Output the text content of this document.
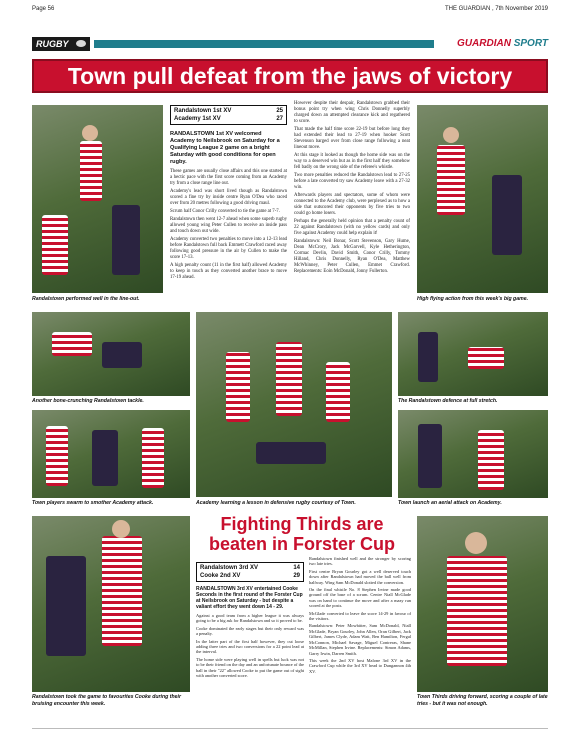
Page 56	THE GUARDIAN , 7th November 2019
RUGBY	GUARDIAN SPORT
Town pull defeat from the jaws of victory
Randalstown performed well in the line-out.
Randalstown 1st XV	25
Academy 1st XV	27
RANDALSTOWN 1st XV welcomed Academy to Neilsbrook on Saturday for a Qualifying League 2 game on a bright Saturday with good conditions for open rugby.

These games are usually close affairs and this one started at a hectic pace with the first score coming from an Academy try from a close range line out.

Academy's lead was short lived though as Randalstown scored a fine try by inside centre Ryan O'Dea who raced over from 20 metres following a good driving maul.

Scrum half Conor Crilly converted to tie the game at 7-7.

Randalstown then went 12-7 ahead when some superb rugby allowed young wing Peter Cullen to receive an inside pass and touch down out wide.

Academy converted two penalties to move into a 12-13 lead before Randalstown full back Emmett Crawford raced away following good pressure in the air by Cullen to make the score 17-13.

A high penalty count (11 in the first half) allowed Academy to keep in touch as they converted another brace to move 17-19 ahead.

However despite their despair, Randalstown grabbed their bonus point try when wing Chris Donnelly superbly charged down an attempted clearance kick and regathered to score.

That made the half time score 22-19 but before long they had extended their lead to 27-19 when hooker Scott Stevenson barged over from close range following a neat lineout move.

At this stage it looked as though the home side was on the way to a deserved win but as in the first half they somehow fell badly on the wrong side of the referee's whistle.

Two more penalties reduced the Randalstown lead to 27-25 before a late converted try saw Academy leave with a 27-32 win.

Afterwards players and spectators, some of whom were connected to the Academy club, were perplexed as to how a side that outscored their opponents by five tries to two could go home losers.

Perhaps the generally held opinion that a penalty count of 22 against Randalstown (with no yellow cards) and only five against Academy could help explain it!

Randalstown: Neil Bonar, Scott Stevenson, Gary Hume, Dean McCrory, Jack McGarvell, Kyle Hetherington, Cormac Devlin, David Smith, Conor Crilly, Tommy Hilland, Chris Donnelly, Ryan O'Dea, Matthew McWhinney, Peter Cullen, Emmet Crawford. Replacements: Eoin McDonald, Jonny Fullerton.

High flying action from this week's big game.
Another bone-crunching Randalstown tackle.
Academy learning a lesson in defensive rugby courtesy of Town.
The Randalstown defence at full stretch.
Town players swarm to smother Academy attack.	Town launch an aerial attack on Academy.
Randalstown took the game to favourites Cooke during their bruising encounter this week.
Fighting Thirds are
beaten in Forster Cup
Randalstown 3rd XV	14
Cooke 2nd XV	29
RANDALSTOWN 3rd XV entertained Cooke Seconds in the first round of the Forster Cup at Neilsbrook on Saturday - but despite a valiant effort they went down 14 - 29.

Against a good team from a higher league it was always going to be a big ask for Randalstown and so it proved to be.

Cooke dominated the early stages but their only reward was a penalty.

In the latter part of the first half however, they cut loose adding three tries and two conversions for a 22 point lead at the interval.

The home side were playing well in spells but luck was not to be their friend on the day and an unfortunate bounce of the ball in their "22" allowed Cooke to put the game out of sight with another converted score.

Randalstown finished well and the stronger by scoring two late tries.

First centre Bryan Gourley got a well deserved touch down after Randalstown had moved the ball well from halfway. Wing Sam McDonald slotted the conversion.

On the final whistle No. 8 Stephen Irvine made good ground off the base of a scrum. Centre Niall McGlade was on hand to continue the move and after a mazy run scored at the posts.

McGlade converted to leave the score 14-29 in favour of the visitors.

Randalstown: Peter Mowbitter, Sam McDonald, Niall McGlade, Bryan Gourley, John Allen, Oran Gilbert, Jack Gilbert, James Clyde, Adam Watt, Ben Hamilton, Fergal McConnon, Michael Savage, Miguel Contreras, Shane McMillan, Stephen Irvine. Replacements: Simon Adams, Garry Irwin, Darren Smith.

This week the 2nd XV host Malone 3rd XV in the Crawford Cup while the 3rd XV head to Dungannon 4th XV.

Town Thirds driving forward, scoring a couple of late tries - but it was not enough.
